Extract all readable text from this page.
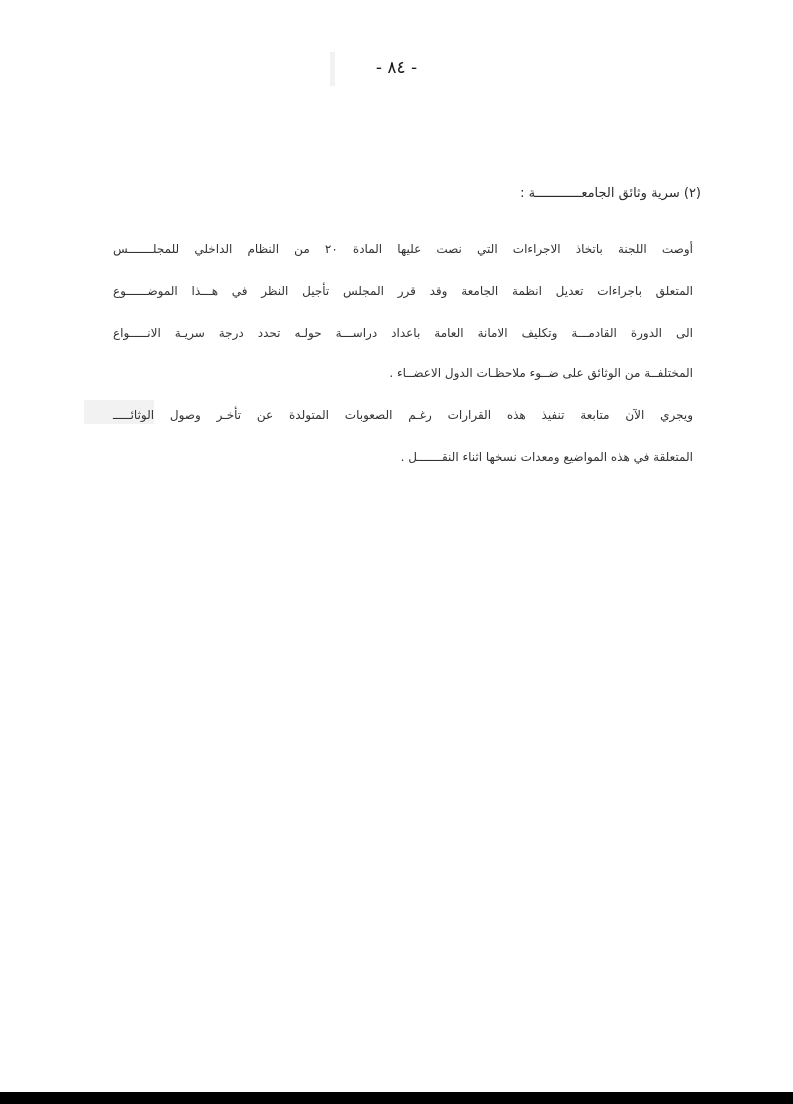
- ٨٤ -
(٢) سرية وثائق الجامعــــــــــــة :
أوصت اللجنة باتخاذ الاجراءات التي نصت عليها المادة ٢٠ من النظام الداخلي للمجلـــــــس
المتعلق باجراءات تعديل انظمة الجامعة وقد قرر المجلس تأجيل النظر في هـــذا الموضــــــوع
الى الدورة القادمـــة وتكليف الامانة العامة باعداد دراســـة حولـه تحدد درجة سريـة الانـــــواع
المختلفــة من الوثائق على ضــوء ملاحظـات الدول الاعضــاء .
ويجري الآن متابعة تنفيذ هذه القرارات رغـم الصعوبات المتولدة عن تأخـر وصول الوثائـــــ
المتعلقة في هذه المواضيع ومعدات نسخها اثناء النقـــــــل .
